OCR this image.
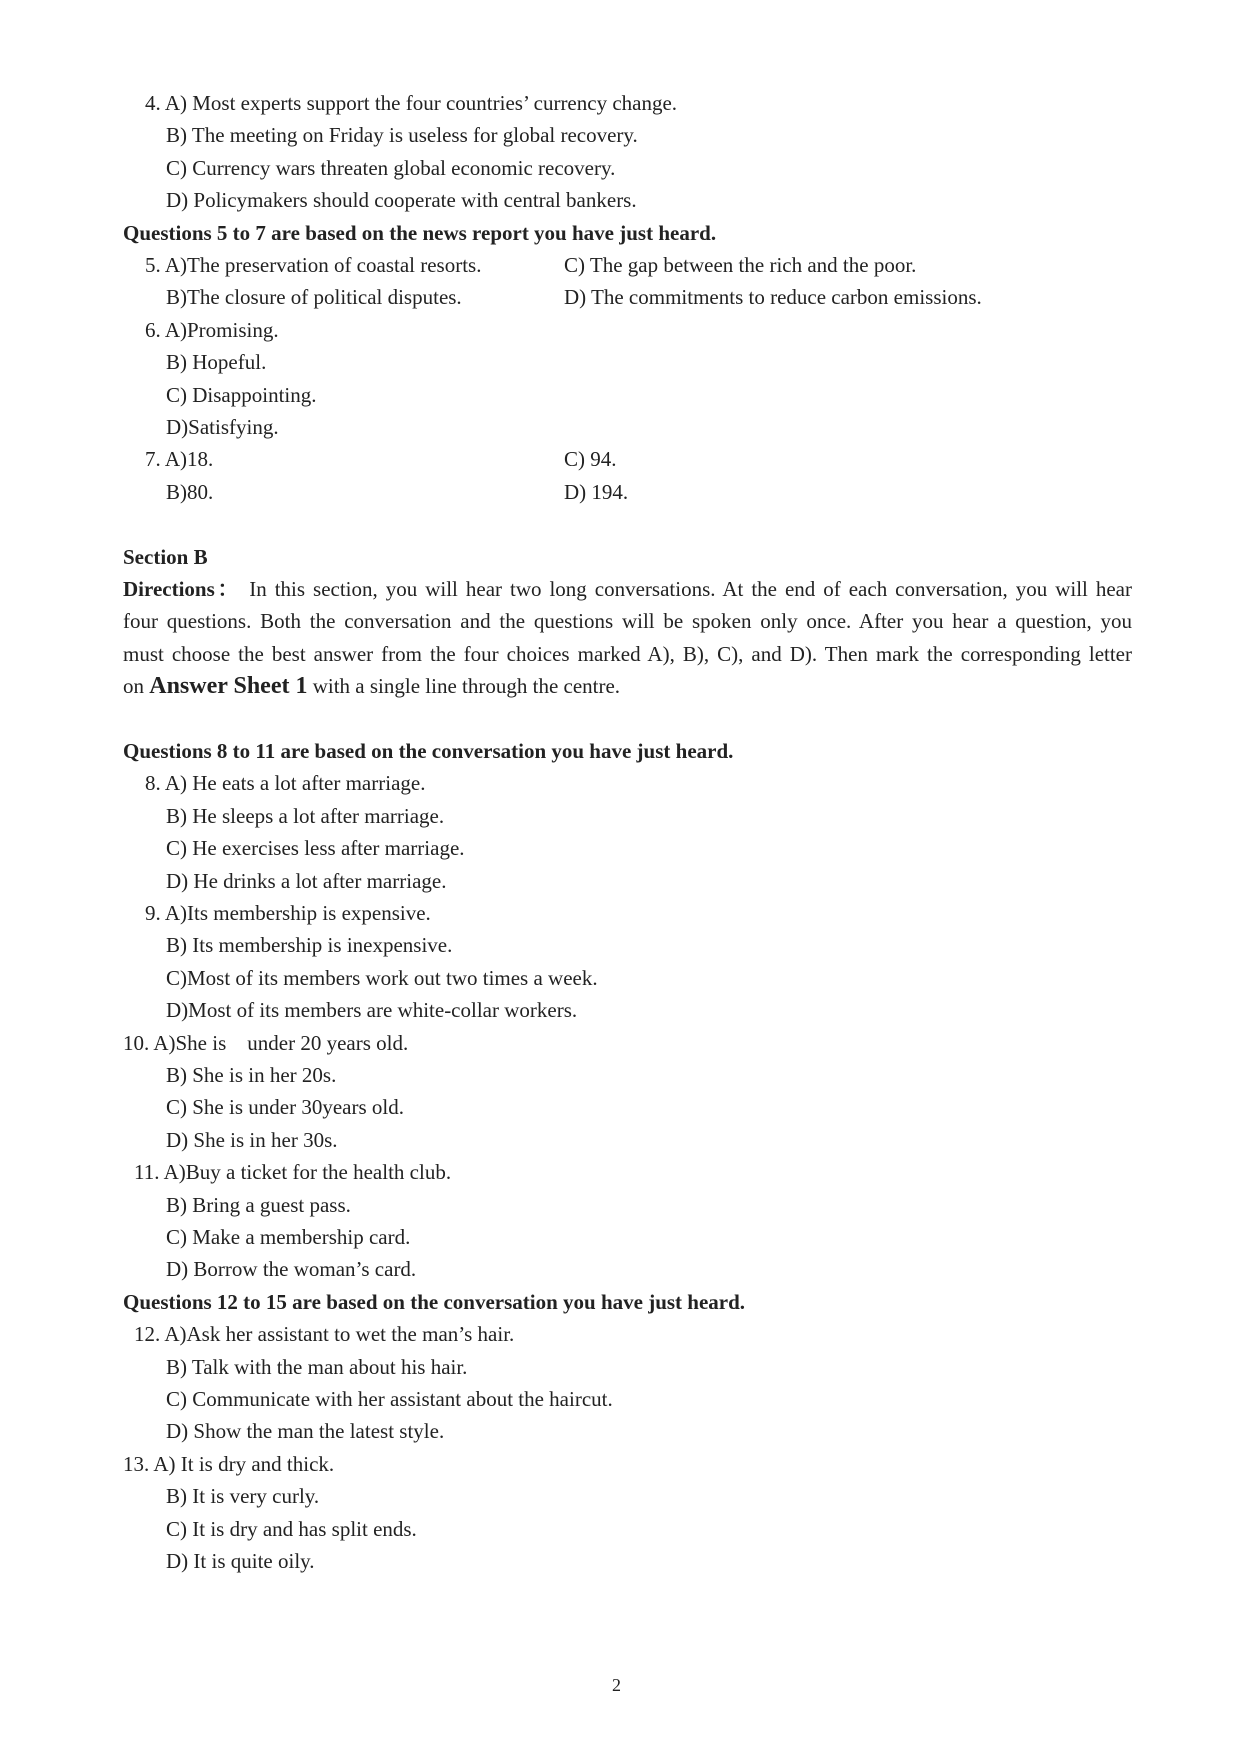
4. A) Most experts support the four countries’ currency change.
B) The meeting on Friday is useless for global recovery.
C) Currency wars threaten global economic recovery.
D) Policymakers should cooperate with central bankers.
Questions 5 to 7 are based on the news report you have just heard.
5. A)The preservation of coastal resorts.	C) The gap between the rich and the poor.
B)The closure of political disputes.	D) The commitments to reduce carbon emissions.
6. A)Promising.
B) Hopeful.
C) Disappointing.
D)Satisfying.
7. A)18.	C) 94.
B)80.	D) 194.
Section B
Directions： In this section, you will hear two long conversations. At the end of each conversation, you will hear
four questions. Both the conversation and the questions will be spoken only once. After you hear a question, you
must choose the best answer from the four choices marked A), B), C), and D). Then mark the corresponding letter
on Answer Sheet 1 with a single line through the centre.
Questions 8 to 11 are based on the conversation you have just heard.
8. A) He eats a lot after marriage.
B) He sleeps a lot after marriage.
C) He exercises less after marriage.
D) He drinks a lot after marriage.
9. A)Its membership is expensive.
B) Its membership is inexpensive.
C)Most of its members work out two times a week.
D)Most of its members are white-collar workers.
10. A)She is    under 20 years old.
B) She is in her 20s.
C) She is under 30years old.
D) She is in her 30s.
11. A)Buy a ticket for the health club.
B) Bring a guest pass.
C) Make a membership card.
D) Borrow the woman’s card.
Questions 12 to 15 are based on the conversation you have just heard.
12. A)Ask her assistant to wet the man’s hair.
B) Talk with the man about his hair.
C) Communicate with her assistant about the haircut.
D) Show the man the latest style.
13. A) It is dry and thick.
B) It is very curly.
C) It is dry and has split ends.
D) It is quite oily.
2
